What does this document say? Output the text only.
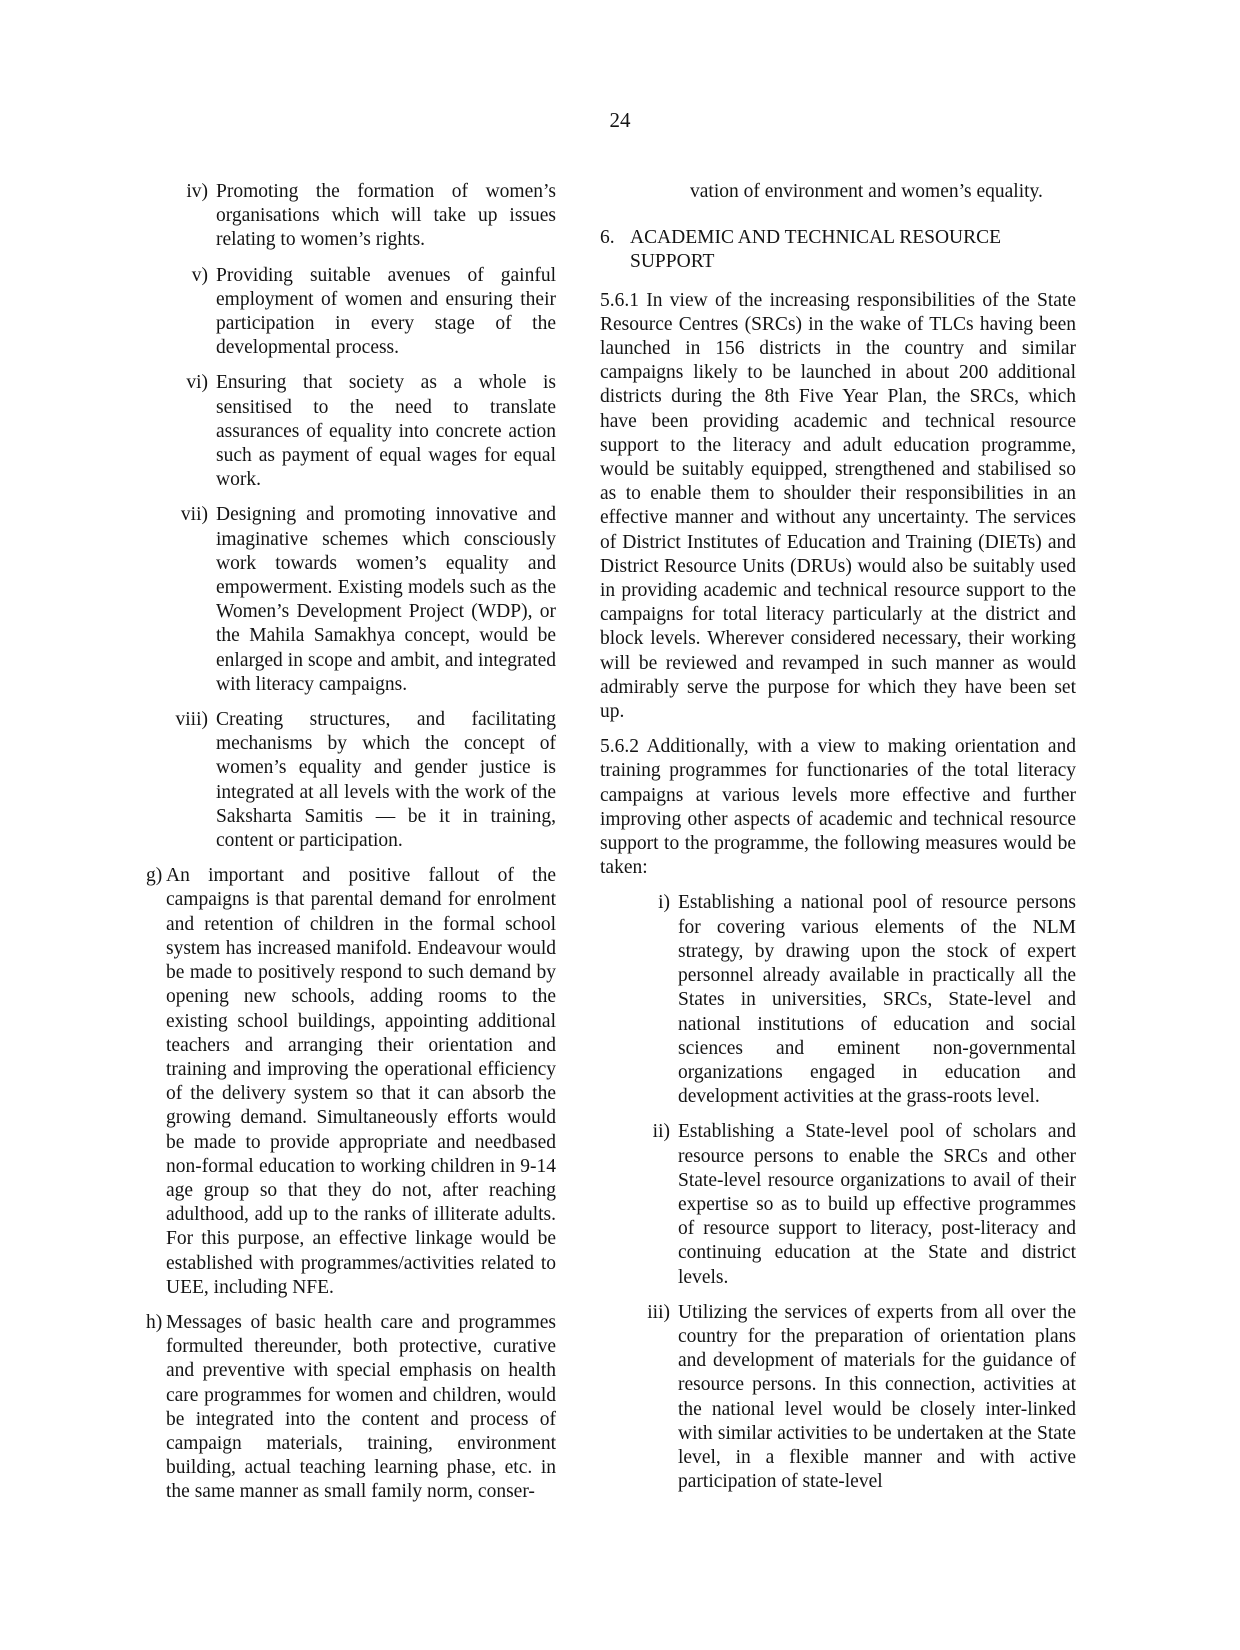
24
iv) Promoting the formation of women’s organisations which will take up issues relating to women’s rights.
v) Providing suitable avenues of gainful employment of women and ensuring their participation in every stage of the developmental process.
vi) Ensuring that society as a whole is sensitised to the need to translate assurances of equality into concrete action such as payment of equal wages for equal work.
vii) Designing and promoting innovative and imaginative schemes which consciously work towards women’s equality and empowerment. Existing models such as the Women’s Development Project (WDP), or the Mahila Samakhya concept, would be enlarged in scope and ambit, and integrated with literacy campaigns.
viii) Creating structures, and facilitating mechanisms by which the concept of women’s equality and gender justice is integrated at all levels with the work of the Saksharta Samitis — be it in training, content or participation.
g) An important and positive fallout of the campaigns is that parental demand for enrolment and retention of children in the formal school system has increased manifold. Endeavour would be made to positively respond to such demand by opening new schools, adding rooms to the existing school buildings, appointing additional teachers and arranging their orientation and training and improving the operational efficiency of the delivery system so that it can absorb the growing demand. Simultaneously efforts would be made to provide appropriate and needbased non-formal education to working children in 9-14 age group so that they do not, after reaching adulthood, add up to the ranks of illiterate adults. For this purpose, an effective linkage would be established with programmes/activities related to UEE, including NFE.
h) Messages of basic health care and programmes formulted thereunder, both protective, curative and preventive with special emphasis on health care programmes for women and children, would be integrated into the content and process of campaign materials, training, environment building, actual teaching learning phase, etc. in the same manner as small family norm, conser-
vation of environment and women’s equality.
6. ACADEMIC AND TECHNICAL RESOURCE SUPPORT

5.6.1 In view of the increasing responsibilities of the State Resource Centres (SRCs) in the wake of TLCs having been launched in 156 districts in the country and similar campaigns likely to be launched in about 200 additional districts during the 8th Five Year Plan, the SRCs, which have been providing academic and technical resource support to the literacy and adult education programme, would be suitably equipped, strengthened and stabilised so as to enable them to shoulder their responsibilities in an effective manner and without any uncertainty. The services of District Institutes of Education and Training (DIETs) and District Resource Units (DRUs) would also be suitably used in providing academic and technical resource support to the campaigns for total literacy particularly at the district and block levels. Wherever considered necessary, their working will be reviewed and revamped in such manner as would admirably serve the purpose for which they have been set up.

5.6.2 Additionally, with a view to making orientation and training programmes for functionaries of the total literacy campaigns at various levels more effective and further improving other aspects of academic and technical resource support to the programme, the following measures would be taken:

i) Establishing a national pool of resource persons for covering various elements of the NLM strategy, by drawing upon the stock of expert personnel already available in practically all the States in universities, SRCs, State-level and national institutions of education and social sciences and eminent non-governmental organizations engaged in education and development activities at the grass-roots level.
ii) Establishing a State-level pool of scholars and resource persons to enable the SRCs and other State-level resource organizations to avail of their expertise so as to build up effective programmes of resource support to literacy, post-literacy and continuing education at the State and district levels.
iii) Utilizing the services of experts from all over the country for the preparation of orientation plans and development of materials for the guidance of resource persons. In this connection, activities at the national level would be closely inter-linked with similar activities to be undertaken at the State level, in a flexible manner and with active participation of state-level
